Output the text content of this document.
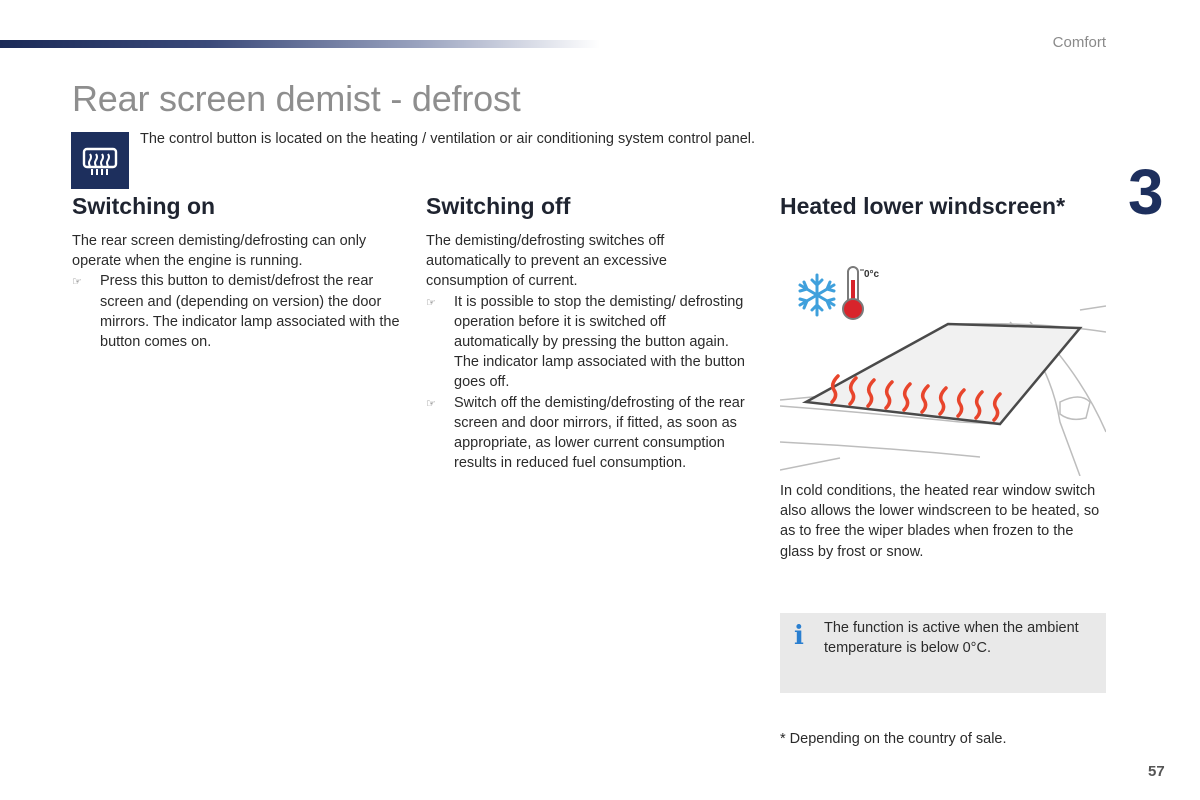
Comfort
Rear screen demist - defrost

The control button is located on the heating / ventilation or air conditioning system control panel.

3
Switching on

The rear screen demisting/defrosting can only operate when the engine is running.

☞	Press this button to demist/defrost the rear screen and (depending on version) the door mirrors. The indicator lamp associated with the button comes on.
Switching off

The demisting/defrosting switches off automatically to prevent an excessive consumption of current.

☞	It is possible to stop the demisting/ defrosting operation before it is switched off automatically by pressing the button again. The indicator lamp associated with the button goes off.
☞	Switch off the demisting/defrosting of the rear screen and door mirrors, if fitted, as soon as appropriate, as lower current consumption results in reduced fuel consumption.
Heated lower windscreen*
0°c

In cold conditions, the heated rear window switch also allows the lower windscreen to be heated, so as to free the wiper blades when frozen to the glass by frost or snow.

i The function is active when the ambient temperature is below 0°C.

* Depending on the country of sale.

57
